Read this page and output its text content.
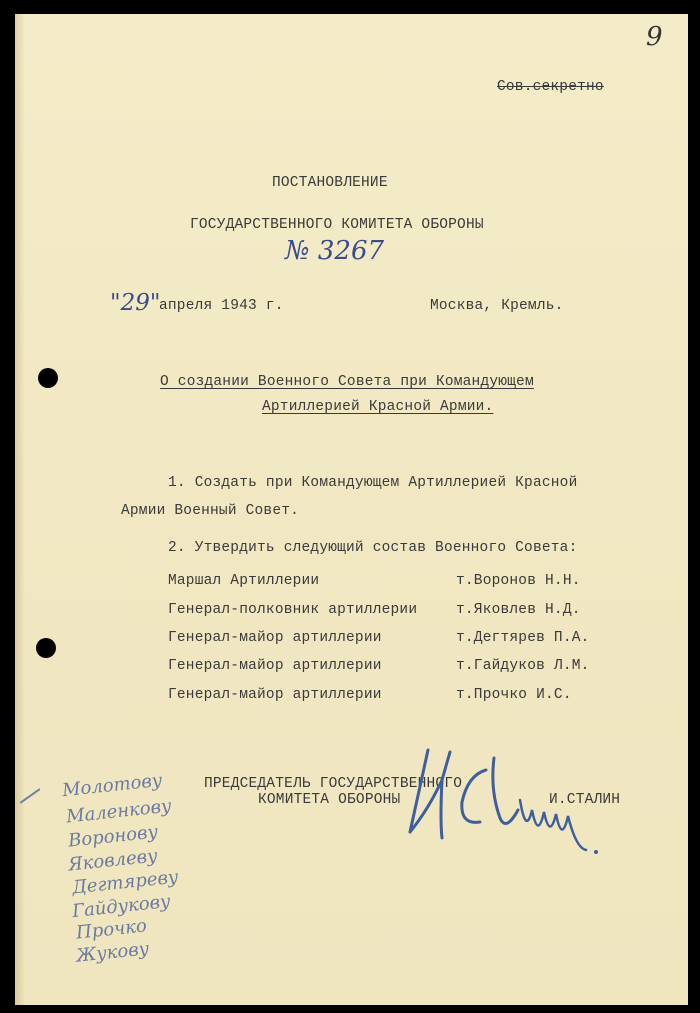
9
Сов.секретно
ПОСТАНОВЛЕНИЕ
ГОСУДАРСТВЕННОГО КОМИТЕТА ОБОРОНЫ
№ 3267
"29"
апреля 1943 г.	Москва, Кремль.
О создании Военного Совета при Командующем
Артиллерией Красной Армии.
1. Создать при Командующем Артиллерией Красной
Армии Военный Совет.
2. Утвердить следующий состав Военного Совета:
Маршал Артиллерии	т.Воронов Н.Н.
Генерал-полковник артиллерии	т.Яковлев Н.Д.
Генерал-майор артиллерии	т.Дегтярев П.А.
Генерал-майор артиллерии	т.Гайдуков Л.М.
Генерал-майор артиллерии	т.Прочко И.С.
ПРЕДСЕДАТЕЛЬ ГОСУДАРСТВЕННОГО
КОМИТЕТА ОБОРОНЫ	И.СТАЛИН
Молотову
Маленкову
Воронову
Яковлеву
Дегтяреву
Гайдукову
Прочко
Жукову
